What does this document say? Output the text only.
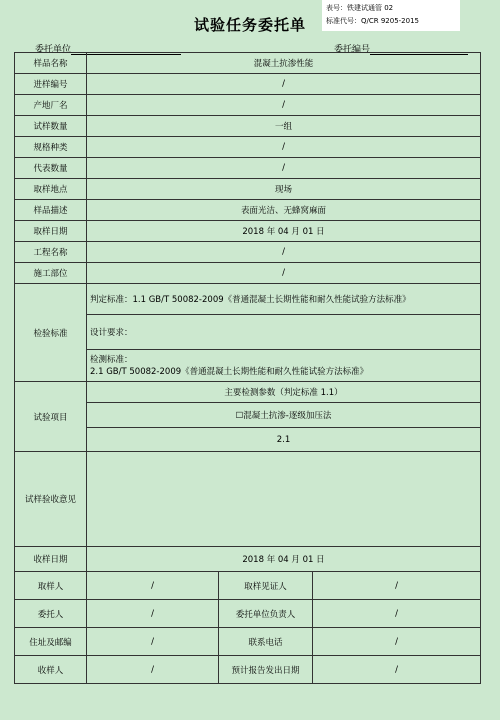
试验任务委托单
表号：铁建试通管 02
标准代号：Q/CR 9205-2015
委托单位	委托编号
样品名称	混凝土抗渗性能		
进样编号	/		
产地厂名	/		
试样数量	一组		
规格种类	/		
代表数量	/		
取样地点	现场		
样品描述	表面光洁、无蜂窝麻面		
取样日期	2018 年 04 月 01 日		
工程名称	/		
施工部位	/		
检验标准	判定标准：1.1 GB/T 50082-2009《普通混凝土长期性能和耐久性能试验方法标准》		
	设计要求：		

	检测标准：
2.1 GB/T 50082-2009《普通混凝土长期性能和耐久性能试验方法标准》		

试验项目	主要检测参数（判定标准 1.1）		
	☐混凝土抗渗-逐级加压法		
	2.1		
试样验收意见			
收样日期	2018 年 04 月 01 日		
取样人	/	取样见证人	/
委托人	/	委托单位负责人	/
住址及邮编	/	联系电话	/
收样人	/	预计报告发出日期	/
